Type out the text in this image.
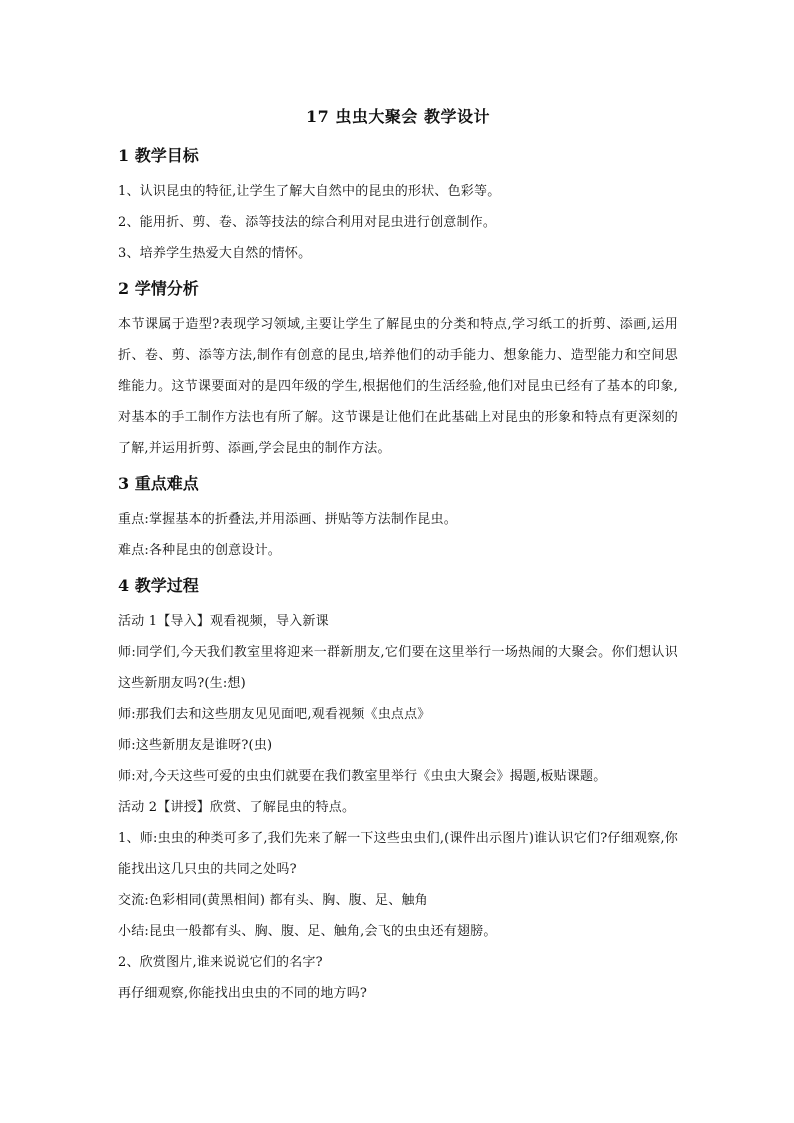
17 虫虫大聚会 教学设计
1 教学目标

1、认识昆虫的特征,让学生了解大自然中的昆虫的形状、色彩等。

2、能用折、剪、卷、添等技法的综合利用对昆虫进行创意制作。

3、培养学生热爱大自然的情怀。

2 学情分析

本节课属于造型?表现学习领域,主要让学生了解昆虫的分类和特点,学习纸工的折剪、添画,运用折、卷、剪、添等方法,制作有创意的昆虫,培养他们的动手能力、想象能力、造型能力和空间思维能力。这节课要面对的是四年级的学生,根据他们的生活经验,他们对昆虫已经有了基本的印象,对基本的手工制作方法也有所了解。这节课是让他们在此基础上对昆虫的形象和特点有更深刻的了解,并运用折剪、添画,学会昆虫的制作方法。

3 重点难点

重点:掌握基本的折叠法,并用添画、拼贴等方法制作昆虫。

难点:各种昆虫的创意设计。

4 教学过程

活动 1【导入】观看视频，导入新课

师:同学们,今天我们教室里将迎来一群新朋友,它们要在这里举行一场热闹的大聚会。你们想认识这些新朋友吗?(生:想)

师:那我们去和这些朋友见见面吧,观看视频《虫点点》

师:这些新朋友是谁呀?(虫)

师:对,今天这些可爱的虫虫们就要在我们教室里举行《虫虫大聚会》揭题,板贴课题。

活动 2【讲授】欣赏、了解昆虫的特点。

1、师:虫虫的种类可多了,我们先来了解一下这些虫虫们,(课件出示图片)谁认识它们?仔细观察,你能找出这几只虫的共同之处吗?

交流:色彩相同(黄黑相间) 都有头、胸、腹、足、触角

小结:昆虫一般都有头、胸、腹、足、触角,会飞的虫虫还有翅膀。

2、欣赏图片,谁来说说它们的名字?

再仔细观察,你能找出虫虫的不同的地方吗?
